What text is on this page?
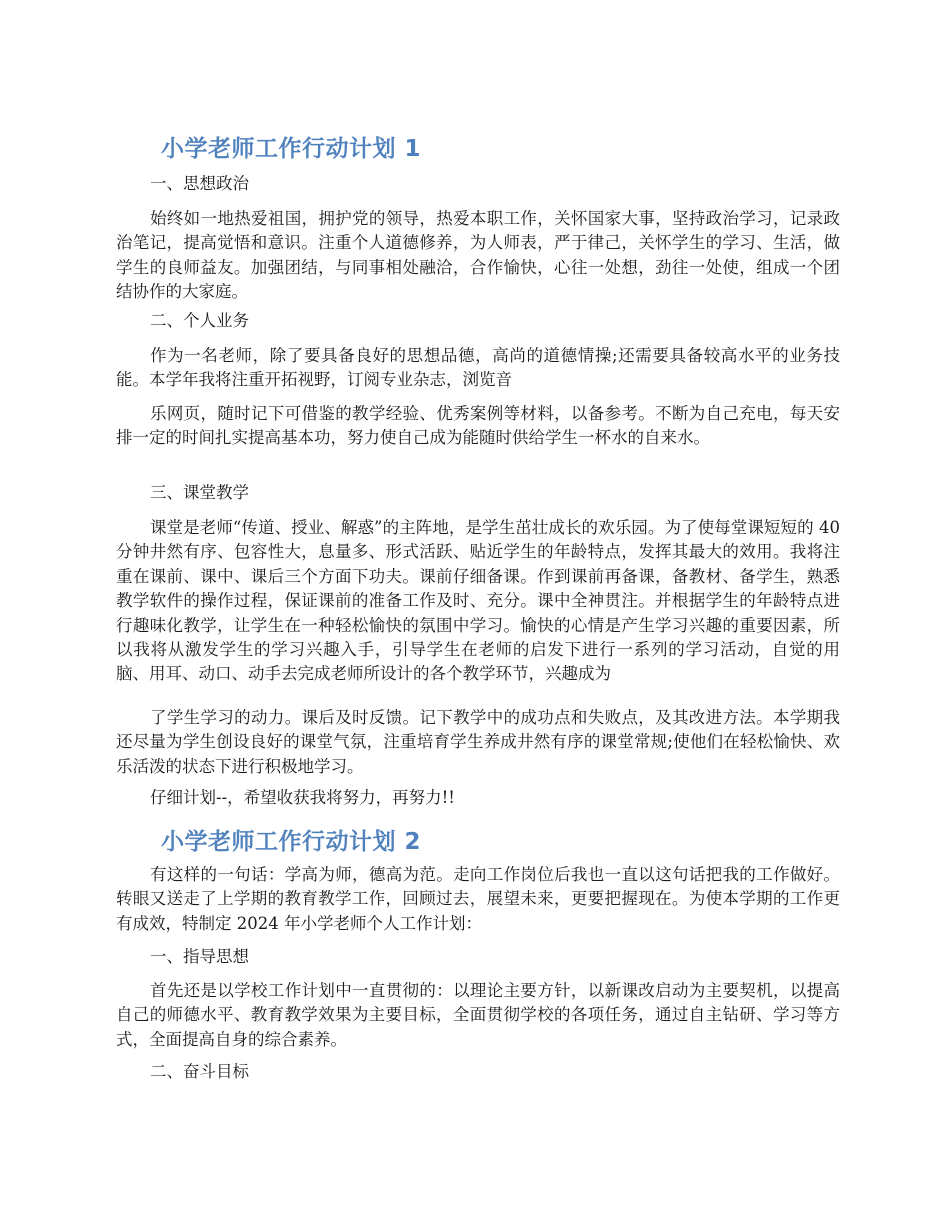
小学老师工作行动计划 1

一、思想政治

始终如一地热爱祖国，拥护党的领导，热爱本职工作，关怀国家大事，坚持政治学习，记录政治笔记，提高觉悟和意识。注重个人道德修养，为人师表，严于律己，关怀学生的学习、生活，做学生的良师益友。加强团结，与同事相处融洽，合作愉快，心往一处想，劲往一处使，组成一个团结协作的大家庭。

二、个人业务

作为一名老师，除了要具备良好的思想品德，高尚的道德情操;还需要具备较高水平的业务技能。本学年我将注重开拓视野，订阅专业杂志，浏览音

乐网页，随时记下可借鉴的教学经验、优秀案例等材料，以备参考。不断为自己充电，每天安排一定的时间扎实提高基本功，努力使自己成为能随时供给学生一杯水的自来水。

三、课堂教学

课堂是老师“传道、授业、解惑”的主阵地，是学生茁壮成长的欢乐园。为了使每堂课短短的 40 分钟井然有序、包容性大，息量多、形式活跃、贴近学生的年龄特点，发挥其最大的效用。我将注重在课前、课中、课后三个方面下功夫。课前仔细备课。作到课前再备课，备教材、备学生，熟悉教学软件的操作过程，保证课前的准备工作及时、充分。课中全神贯注。并根据学生的年龄特点进行趣味化教学，让学生在一种轻松愉快的氛围中学习。愉快的心情是产生学习兴趣的重要因素，所以我将从激发学生的学习兴趣入手，引导学生在老师的启发下进行一系列的学习活动，自觉的用脑、用耳、动口、动手去完成老师所设计的各个教学环节，兴趣成为

了学生学习的动力。课后及时反馈。记下教学中的成功点和失败点，及其改进方法。本学期我还尽量为学生创设良好的课堂气氛，注重培育学生养成井然有序的课堂常规;使他们在轻松愉快、欢乐活泼的状态下进行积极地学习。

仔细计划--，希望收获我将努力，再努力!!

小学老师工作行动计划 2

有这样的一句话：学高为师，德高为范。走向工作岗位后我也一直以这句话把我的工作做好。转眼又送走了上学期的教育教学工作，回顾过去，展望未来，更要把握现在。为使本学期的工作更有成效，特制定 2024 年小学老师个人工作计划：

一、指导思想

首先还是以学校工作计划中一直贯彻的：以理论主要方针，以新课改启动为主要契机，以提高自己的师德水平、教育教学效果为主要目标，全面贯彻学校的各项任务，通过自主钻研、学习等方式，全面提高自身的综合素养。

二、奋斗目标
